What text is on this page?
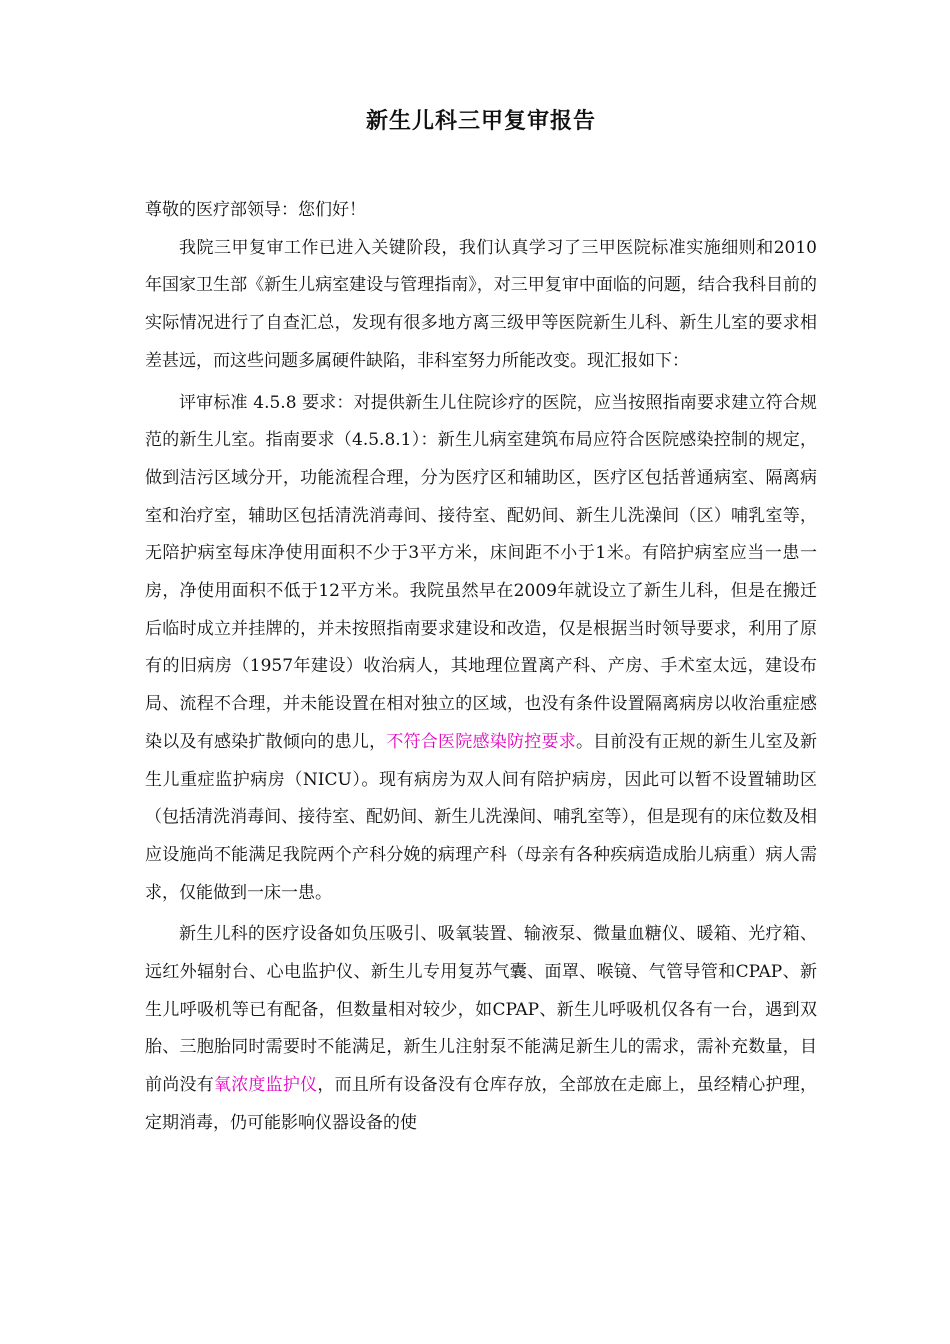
新生儿科三甲复审报告

尊敬的医疗部领导：您们好！

我院三甲复审工作已进入关键阶段，我们认真学习了三甲医院标准实施细则和2010年国家卫生部《新生儿病室建设与管理指南》，对三甲复审中面临的问题，结合我科目前的实际情况进行了自查汇总，发现有很多地方离三级甲等医院新生儿科、新生儿室的要求相差甚远，而这些问题多属硬件缺陷，非科室努力所能改变。现汇报如下：

评审标准 4.5.8 要求：对提供新生儿住院诊疗的医院，应当按照指南要求建立符合规范的新生儿室。指南要求（4.5.8.1）：新生儿病室建筑布局应符合医院感染控制的规定，做到洁污区域分开，功能流程合理，分为医疗区和辅助区，医疗区包括普通病室、隔离病室和治疗室，辅助区包括清洗消毒间、接待室、配奶间、新生儿洗澡间（区）哺乳室等，无陪护病室每床净使用面积不少于3平方米，床间距不小于1米。有陪护病室应当一患一房，净使用面积不低于12平方米。我院虽然早在2009年就设立了新生儿科，但是在搬迁后临时成立并挂牌的，并未按照指南要求建设和改造，仅是根据当时领导要求，利用了原有的旧病房（1957年建设）收治病人，其地理位置离产科、产房、手术室太远，建设布局、流程不合理，并未能设置在相对独立的区域，也没有条件设置隔离病房以收治重症感染以及有感染扩散倾向的患儿，不符合医院感染防控要求。目前没有正规的新生儿室及新生儿重症监护病房（NICU）。现有病房为双人间有陪护病房，因此可以暂不设置辅助区（包括清洗消毒间、接待室、配奶间、新生儿洗澡间、哺乳室等），但是现有的床位数及相应设施尚不能满足我院两个产科分娩的病理产科（母亲有各种疾病造成胎儿病重）病人需求，仅能做到一床一患。

新生儿科的医疗设备如负压吸引、吸氧装置、输液泵、微量血糖仪、暖箱、光疗箱、远红外辐射台、心电监护仪、新生儿专用复苏气囊、面罩、喉镜、气管导管和CPAP、新生儿呼吸机等已有配备，但数量相对较少，如CPAP、新生儿呼吸机仅各有一台，遇到双胎、三胞胎同时需要时不能满足，新生儿注射泵不能满足新生儿的需求，需补充数量，目前尚没有氧浓度监护仪，而且所有设备没有仓库存放，全部放在走廊上，虽经精心护理，定期消毒，仍可能影响仪器设备的使
